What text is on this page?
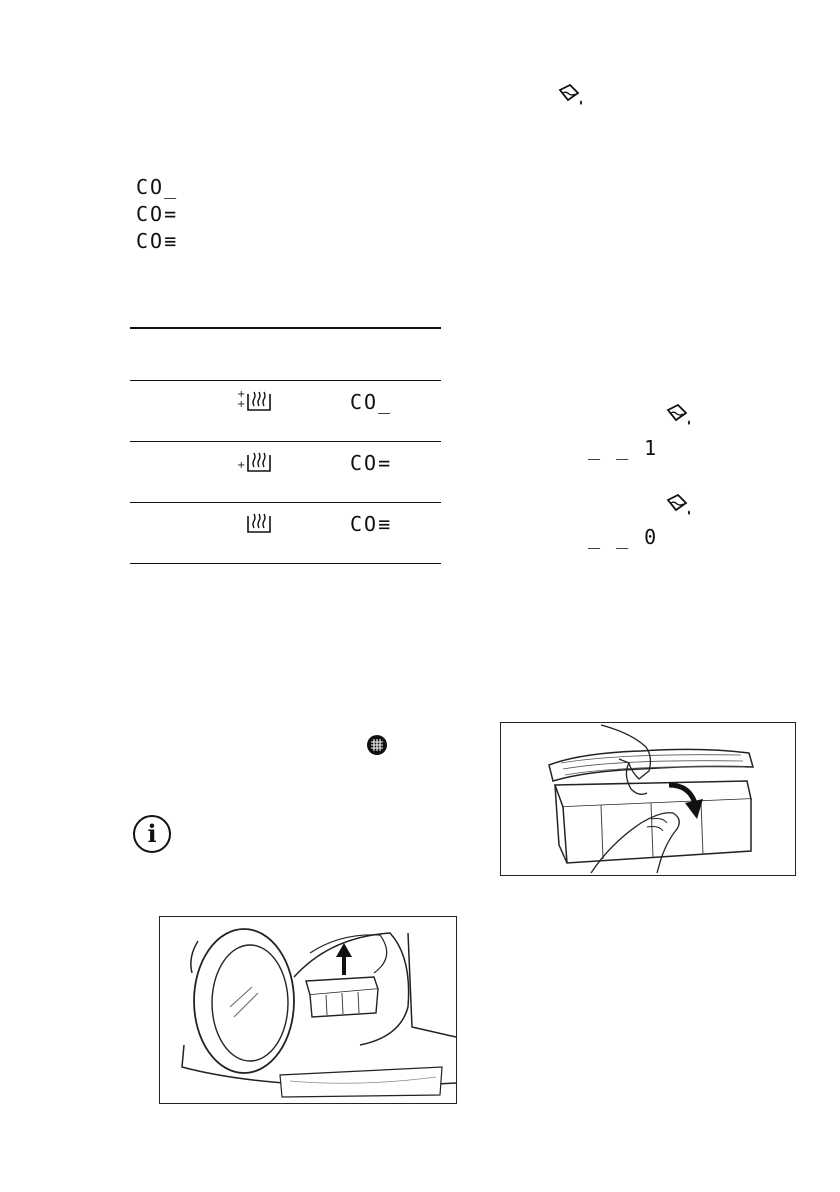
CO_
CO=
CO≡
+
+	CO_
+	CO=
CO≡
_ _ 1
_ _ 0
i
